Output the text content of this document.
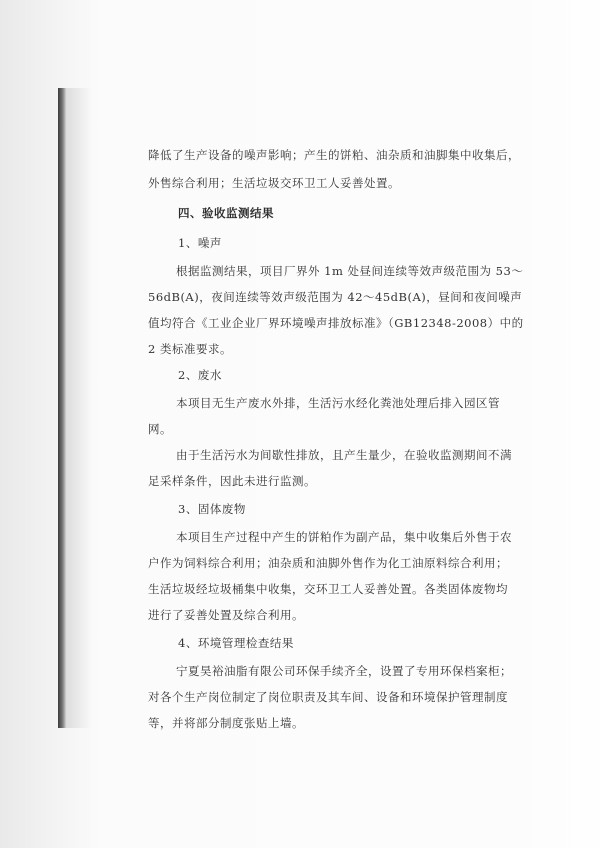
降低了生产设备的噪声影响；产生的饼粕、油杂质和油脚集中收集后，
外售综合利用；生活垃圾交环卫工人妥善处置。
四、验收监测结果
1、噪声
根据监测结果，项目厂界外 1m 处昼间连续等效声级范围为 53～
56dB(A)，夜间连续等效声级范围为 42～45dB(A)，昼间和夜间噪声
值均符合《工业企业厂界环境噪声排放标准》（GB12348-2008）中的
2 类标准要求。
2、废水
本项目无生产废水外排，生活污水经化粪池处理后排入园区管
网。
由于生活污水为间歇性排放，且产生量少，在验收监测期间不满
足采样条件，因此未进行监测。
3、固体废物
本项目生产过程中产生的饼粕作为副产品，集中收集后外售于农
户作为饲料综合利用；油杂质和油脚外售作为化工油原料综合利用；
生活垃圾经垃圾桶集中收集，交环卫工人妥善处置。各类固体废物均
进行了妥善处置及综合利用。
4、环境管理检查结果
宁夏昊裕油脂有限公司环保手续齐全，设置了专用环保档案柜；
对各个生产岗位制定了岗位职责及其车间、设备和环境保护管理制度
等，并将部分制度张贴上墙。
